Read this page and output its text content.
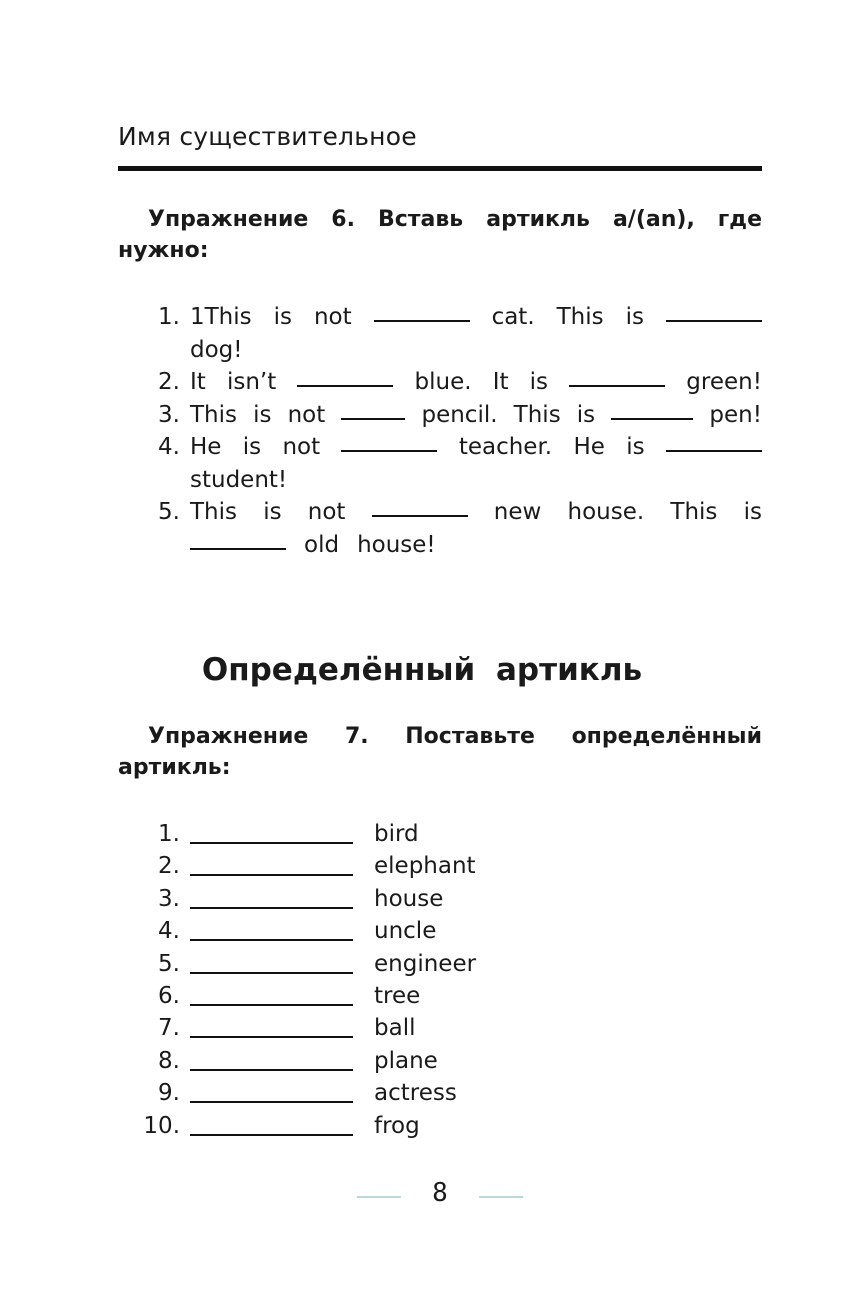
Имя существительное
Упражнение 6. Вставь артикль a/(an), где
нужно:
1. 1This is not	cat. This is
dog!
2. It isn’t	blue. It is	green!
3. This is not	pencil. This is	pen!
4. He is not	teacher. He is
student!
5. This is not	new house. This is
old house!
Определённый артикль
Упражнение 7. Поставьте определённый
артикль:
1.	bird
2.	elephant
3.	house
4.	uncle
5.	engineer
6.	tree
7.	ball
8.	plane
9.	actress
10.	frog
8
